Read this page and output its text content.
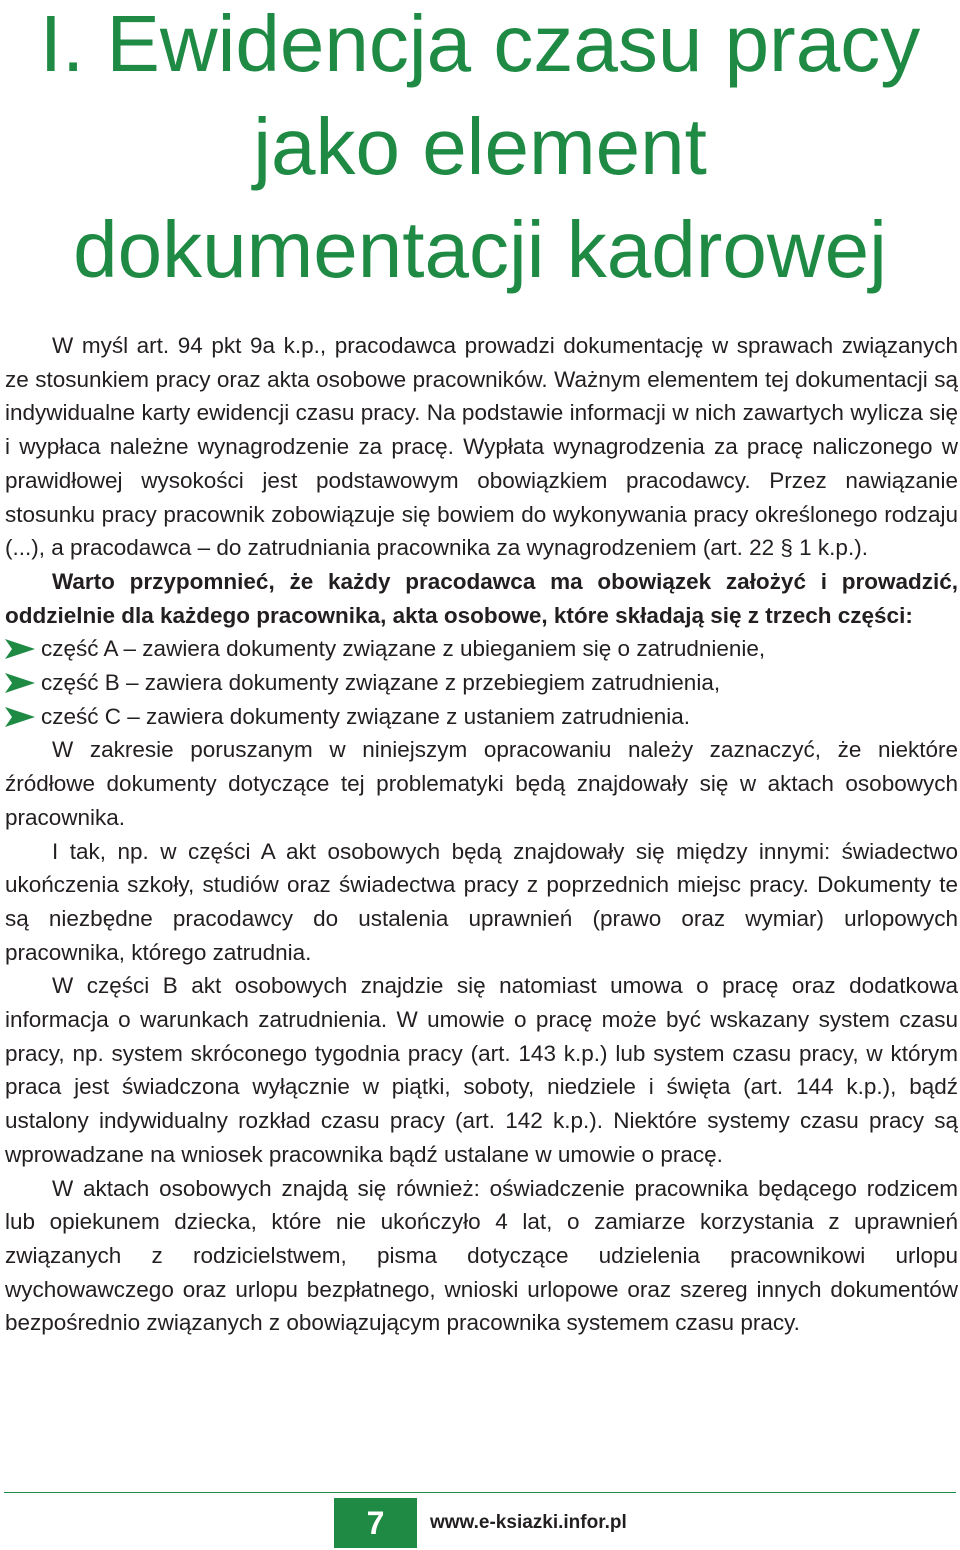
I. Ewidencja czasu pracy
jako element
dokumentacji kadrowej

W myśl art. 94 pkt 9a k.p., pracodawca prowadzi dokumentację w sprawach związanych ze stosunkiem pracy oraz akta osobowe pracowników. Ważnym elementem tej dokumentacji są indywidualne karty ewidencji czasu pracy. Na podstawie informacji w nich zawartych wylicza się i wypłaca należne wynagrodzenie za pracę. Wypłata wynagrodzenia za pracę naliczonego w prawidłowej wysokości jest podstawowym obowiązkiem pracodawcy. Przez nawiązanie stosunku pracy pracownik zobowiązuje się bowiem do wykonywania pracy określonego rodzaju (...), a pracodawca – do zatrudniania pracownika za wynagrodzeniem (art. 22 § 1 k.p.).

Warto przypomnieć, że każdy pracodawca ma obowiązek założyć i prowadzić, oddzielnie dla każdego pracownika, akta osobowe, które składają się z trzech części:

część A – zawiera dokumenty związane z ubieganiem się o zatrudnienie,
część B – zawiera dokumenty związane z przebiegiem zatrudnienia,
cześć C – zawiera dokumenty związane z ustaniem zatrudnienia.

W zakresie poruszanym w niniejszym opracowaniu należy zaznaczyć, że niektóre źródłowe dokumenty dotyczące tej problematyki będą znajdowały się w aktach osobowych pracownika.

I tak, np. w części A akt osobowych będą znajdowały się między innymi: świadectwo ukończenia szkoły, studiów oraz świadectwa pracy z poprzednich miejsc pracy. Dokumenty te są niezbędne pracodawcy do ustalenia uprawnień (prawo oraz wymiar) urlopowych pracownika, którego zatrudnia.

W części B akt osobowych znajdzie się natomiast umowa o pracę oraz dodatkowa informacja o warunkach zatrudnienia. W umowie o pracę może być wskazany system czasu pracy, np. system skróconego tygodnia pracy (art. 143 k.p.) lub system czasu pracy, w którym praca jest świadczona wyłącznie w piątki, soboty, niedziele i święta (art. 144 k.p.), bądź ustalony indywidualny rozkład czasu pracy (art. 142 k.p.). Niektóre systemy czasu pracy są wprowadzane na wniosek pracownika bądź ustalane w umowie o pracę.

W aktach osobowych znajdą się również: oświadczenie pracownika będącego rodzicem lub opiekunem dziecka, które nie ukończyło 4 lat, o zamiarze korzystania z uprawnień związanych z rodzicielstwem, pisma dotyczące udzielenia pracownikowi urlopu wychowawczego oraz urlopu bezpłatnego, wnioski urlopowe oraz szereg innych dokumentów bezpośrednio związanych z obowiązującym pracownika systemem czasu pracy.

7	www.e-ksiazki.infor.pl
